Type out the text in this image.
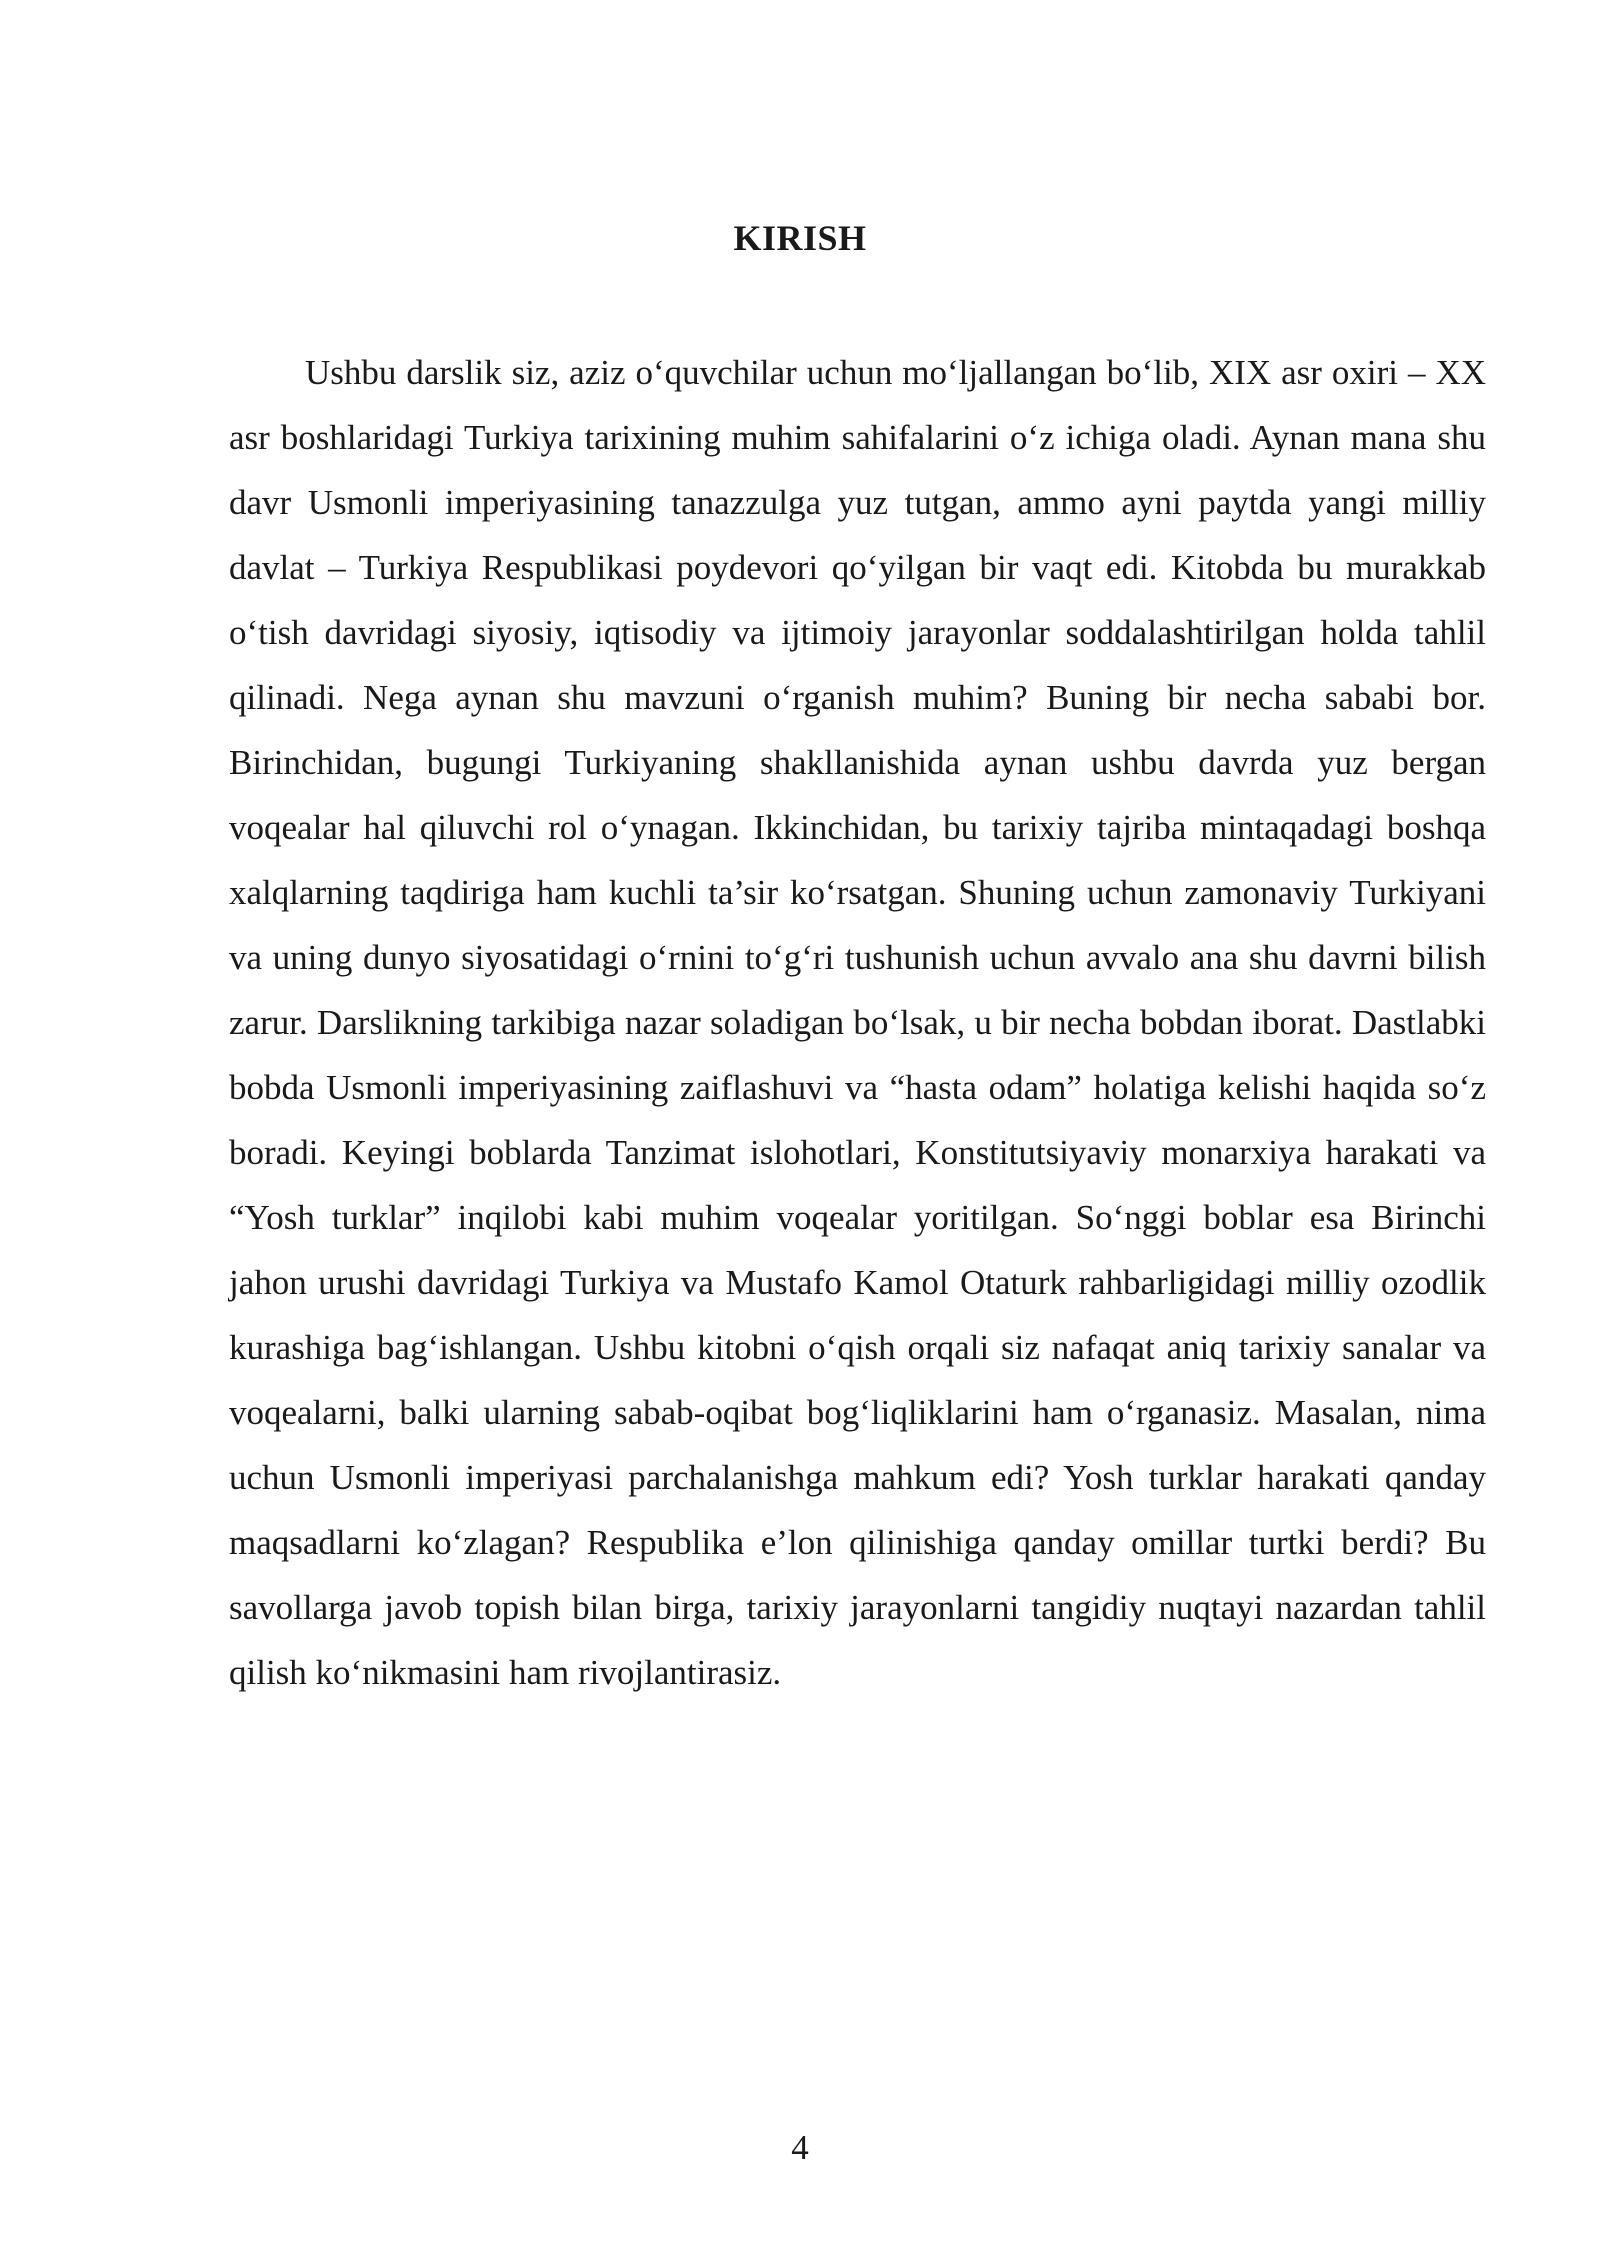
KIRISH

Ushbu darslik siz, aziz o‘quvchilar uchun mo‘ljallangan bo‘lib, XIX asr oxiri – XX asr boshlaridagi Turkiya tarixining muhim sahifalarini o‘z ichiga oladi. Aynan mana shu davr Usmonli imperiyasining tanazzulga yuz tutgan, ammo ayni paytda yangi milliy davlat – Turkiya Respublikasi poydevori qo‘yilgan bir vaqt edi. Kitobda bu murakkab o‘tish davridagi siyosiy, iqtisodiy va ijtimoiy jarayonlar soddalashtirilgan holda tahlil qilinadi. Nega aynan shu mavzuni o‘rganish muhim? Buning bir necha sababi bor. Birinchidan, bugungi Turkiyaning shakllanishida aynan ushbu davrda yuz bergan voqealar hal qiluvchi rol o‘ynagan. Ikkinchidan, bu tarixiy tajriba mintaqadagi boshqa xalqlarning taqdiriga ham kuchli ta’sir ko‘rsatgan. Shuning uchun zamonaviy Turkiyani va uning dunyo siyosatidagi o‘rnini to‘g‘ri tushunish uchun avvalo ana shu davrni bilish zarur. Darslikning tarkibiga nazar soladigan bo‘lsak, u bir necha bobdan iborat. Dastlabki bobda Usmonli imperiyasining zaiflashuvi va “hasta odam” holatiga kelishi haqida so‘z boradi. Keyingi boblarda Tanzimat islohotlari, Konstitutsiyaviy monarxiya harakati va “Yosh turklar” inqilobi kabi muhim voqealar yoritilgan. So‘nggi boblar esa Birinchi jahon urushi davridagi Turkiya va Mustafo Kamol Otaturk rahbarligidagi milliy ozodlik kurashiga bag‘ishlangan. Ushbu kitobni o‘qish orqali siz nafaqat aniq tarixiy sanalar va voqealarni, balki ularning sabab-oqibat bog‘liqliklarini ham o‘rganasiz. Masalan, nima uchun Usmonli imperiyasi parchalanishga mahkum edi? Yosh turklar harakati qanday maqsadlarni ko‘zlagan? Respublika e’lon qilinishiga qanday omillar turtki berdi? Bu savollarga javob topish bilan birga, tarixiy jarayonlarni tangidiy nuqtayi nazardan tahlil qilish ko‘nikmasini ham rivojlantirasiz.

4
